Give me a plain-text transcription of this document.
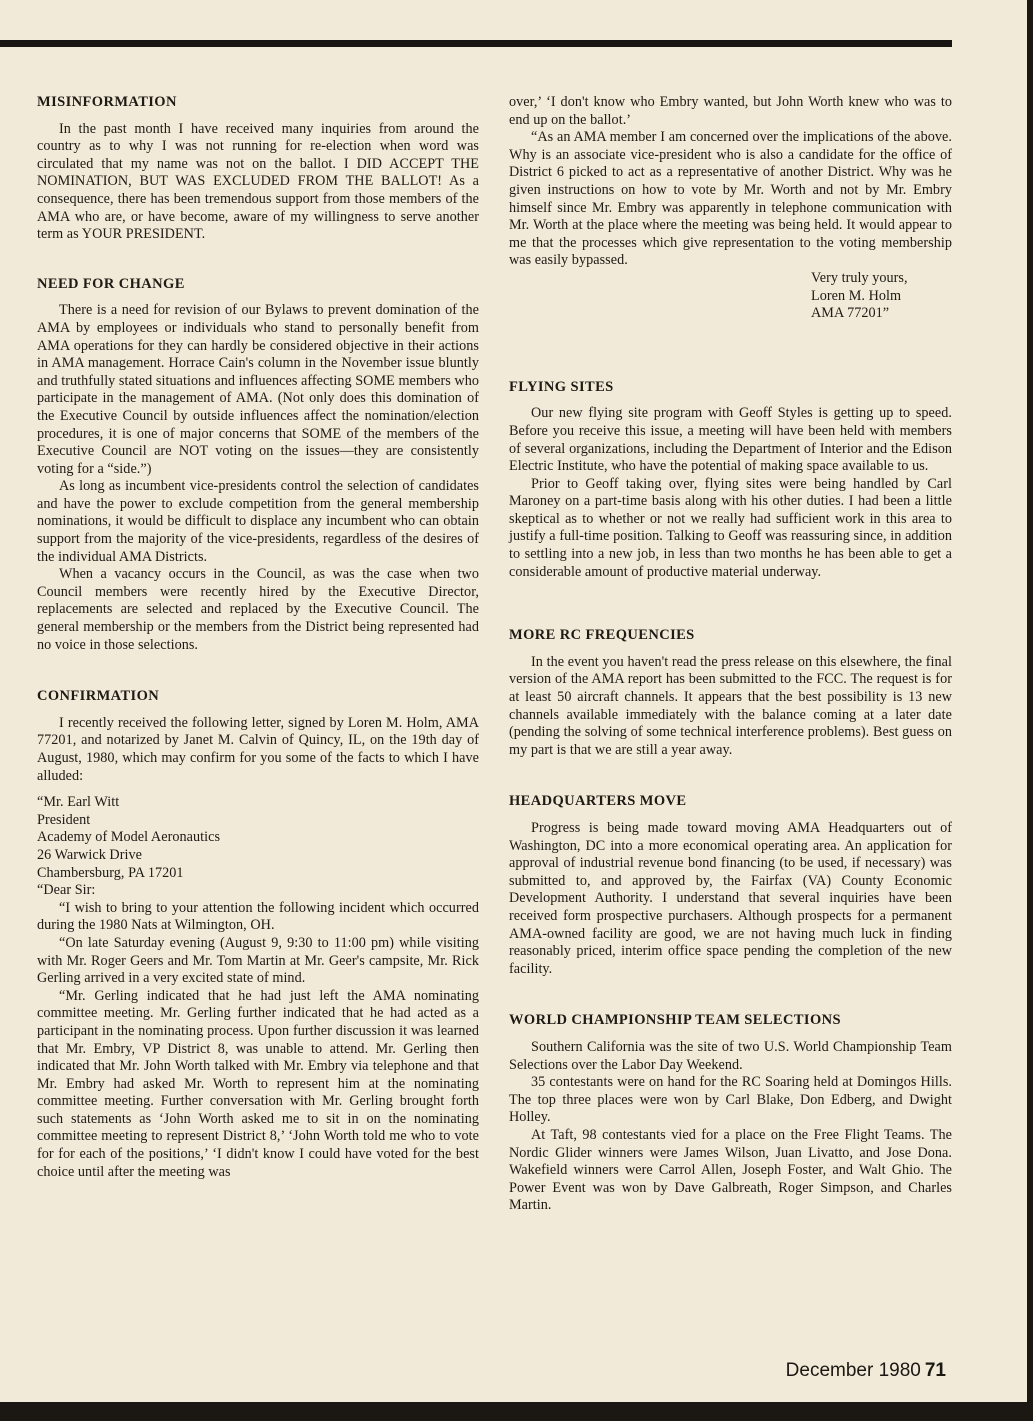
MISINFORMATION

In the past month I have received many inquiries from around the country as to why I was not running for re-election when word was circulated that my name was not on the ballot. I DID ACCEPT THE NOMINATION, BUT WAS EXCLUDED FROM THE BALLOT! As a consequence, there has been tremendous support from those members of the AMA who are, or have become, aware of my willingness to serve another term as YOUR PRESIDENT.

NEED FOR CHANGE

There is a need for revision of our Bylaws to prevent domination of the AMA by employees or individuals who stand to personally benefit from AMA operations for they can hardly be considered objective in their actions in AMA management. Horrace Cain's column in the November issue bluntly and truthfully stated situations and influences affecting SOME members who participate in the management of AMA. (Not only does this domination of the Executive Council by outside influences affect the nomination/election procedures, it is one of major concerns that SOME of the members of the Executive Council are NOT voting on the issues—they are consistently voting for a “side.”)

As long as incumbent vice-presidents control the selection of candidates and have the power to exclude competition from the general membership nominations, it would be difficult to displace any incumbent who can obtain support from the majority of the vice-presidents, regardless of the desires of the individual AMA Districts.

When a vacancy occurs in the Council, as was the case when two Council members were recently hired by the Executive Director, replacements are selected and replaced by the Executive Council. The general membership or the members from the District being represented had no voice in those selections.

CONFIRMATION

I recently received the following letter, signed by Loren M. Holm, AMA 77201, and notarized by Janet M. Calvin of Quincy, IL, on the 19th day of August, 1980, which may confirm for you some of the facts to which I have alluded:

“Mr. Earl Witt

President

Academy of Model Aeronautics

26 Warwick Drive

Chambersburg, PA 17201

“Dear Sir:

“I wish to bring to your attention the following incident which occurred during the 1980 Nats at Wilmington, OH.

“On late Saturday evening (August 9, 9:30 to 11:00 pm) while visiting with Mr. Roger Geers and Mr. Tom Martin at Mr. Geer's campsite, Mr. Rick Gerling arrived in a very excited state of mind.

“Mr. Gerling indicated that he had just left the AMA nominating committee meeting. Mr. Gerling further indicated that he had acted as a participant in the nominating process. Upon further discussion it was learned that Mr. Embry, VP District 8, was unable to attend. Mr. Gerling then indicated that Mr. John Worth talked with Mr. Embry via telephone and that Mr. Embry had asked Mr. Worth to represent him at the nominating committee meeting. Further conversation with Mr. Gerling brought forth such statements as ‘John Worth asked me to sit in on the nominating committee meeting to represent District 8,’ ‘John Worth told me who to vote for for each of the positions,’ ‘I didn't know I could have voted for the best choice until after the meeting was

over,’ ‘I don't know who Embry wanted, but John Worth knew who was to end up on the ballot.’

“As an AMA member I am concerned over the implications of the above. Why is an associate vice-president who is also a candidate for the office of District 6 picked to act as a representative of another District. Why was he given instructions on how to vote by Mr. Worth and not by Mr. Embry himself since Mr. Embry was apparently in telephone communication with Mr. Worth at the place where the meeting was being held. It would appear to me that the processes which give representation to the voting membership was easily bypassed.

Very truly yours,

Loren M. Holm

AMA 77201”

FLYING SITES

Our new flying site program with Geoff Styles is getting up to speed. Before you receive this issue, a meeting will have been held with members of several organizations, including the Department of Interior and the Edison Electric Institute, who have the potential of making space available to us.

Prior to Geoff taking over, flying sites were being handled by Carl Maroney on a part-time basis along with his other duties. I had been a little skeptical as to whether or not we really had sufficient work in this area to justify a full-time position. Talking to Geoff was reassuring since, in addition to settling into a new job, in less than two months he has been able to get a considerable amount of productive material underway.

MORE RC FREQUENCIES

In the event you haven't read the press release on this elsewhere, the final version of the AMA report has been submitted to the FCC. The request is for at least 50 aircraft channels. It appears that the best possibility is 13 new channels available immediately with the balance coming at a later date (pending the solving of some technical interference problems). Best guess on my part is that we are still a year away.

HEADQUARTERS MOVE

Progress is being made toward moving AMA Headquarters out of Washington, DC into a more economical operating area. An application for approval of industrial revenue bond financing (to be used, if necessary) was submitted to, and approved by, the Fairfax (VA) County Economic Development Authority. I understand that several inquiries have been received form prospective purchasers. Although prospects for a permanent AMA-owned facility are good, we are not having much luck in finding reasonably priced, interim office space pending the completion of the new facility.

WORLD CHAMPIONSHIP TEAM SELECTIONS

Southern California was the site of two U.S. World Championship Team Selections over the Labor Day Weekend.

35 contestants were on hand for the RC Soaring held at Domingos Hills. The top three places were won by Carl Blake, Don Edberg, and Dwight Holley.

At Taft, 98 contestants vied for a place on the Free Flight Teams. The Nordic Glider winners were James Wilson, Juan Livatto, and Jose Dona. Wakefield winners were Carrol Allen, Joseph Foster, and Walt Ghio. The Power Event was won by Dave Galbreath, Roger Simpson, and Charles Martin.

December 1980 71
